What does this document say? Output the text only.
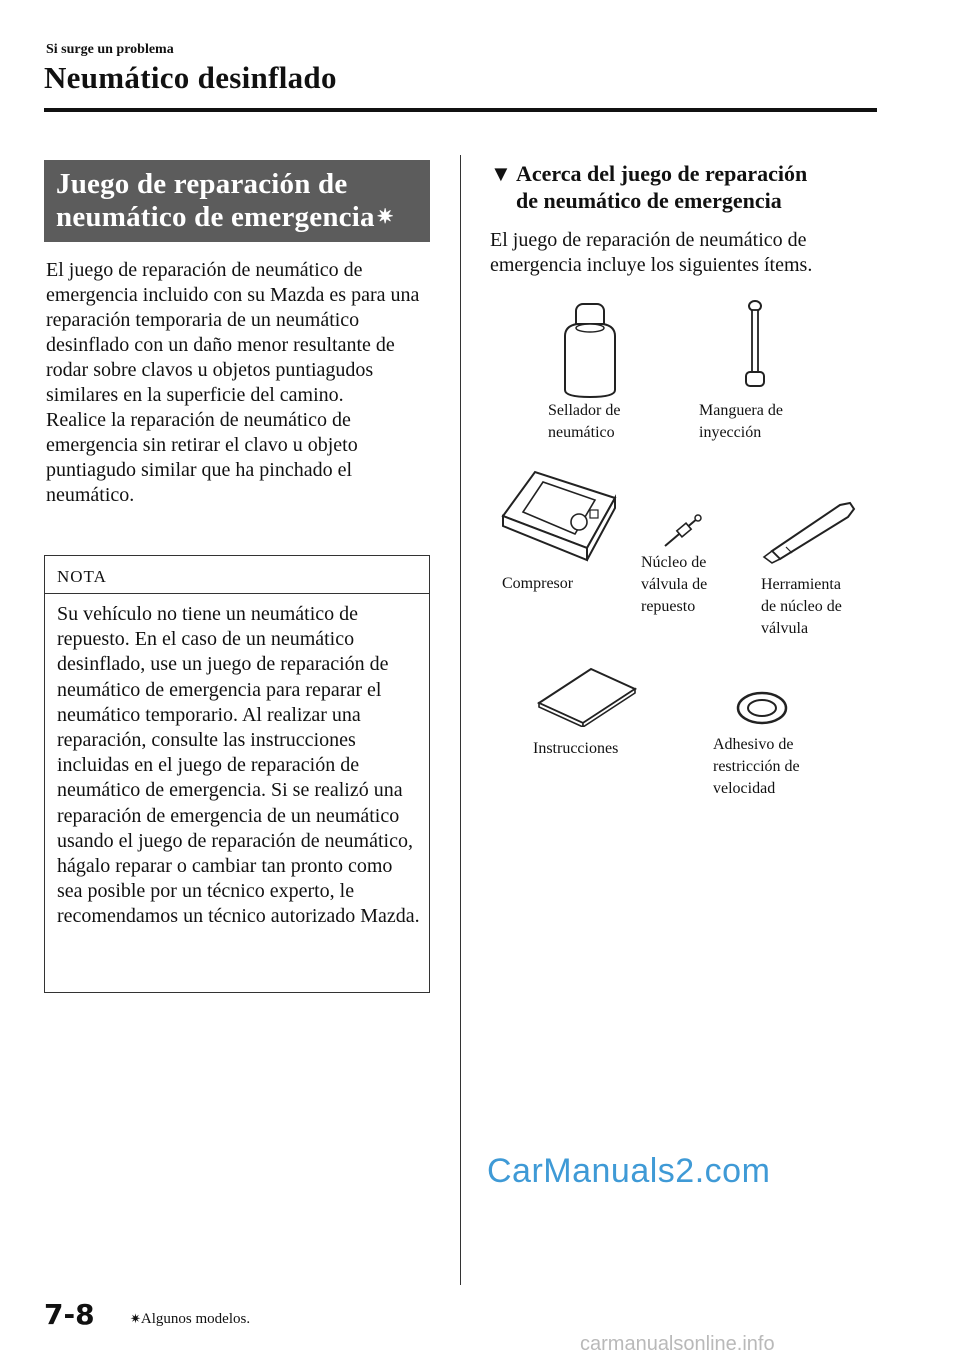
Si surge un problema
Neumático desinflado
Juego de reparación de
neumático de emergencia ✷

El juego de reparación de neumático de emergencia incluido con su Mazda es para una reparación temporaria de un neumático desinflado con un daño menor resultante de rodar sobre clavos u objetos puntiagudos similares en la superficie del camino.

Realice la reparación de neumático de emergencia sin retirar el clavo u objeto puntiagudo similar que ha pinchado el neumático.

NOTA
Su vehículo no tiene un neumático de repuesto. En el caso de un neumático desinflado, use un juego de reparación de neumático de emergencia para reparar el neumático temporario. Al realizar una reparación, consulte las instrucciones incluidas en el juego de reparación de neumático de emergencia. Si se realizó una reparación de emergencia de un neumático usando el juego de reparación de neumático, hágalo reparar o cambiar tan pronto como sea posible por un técnico experto, le recomendamos un técnico autorizado Mazda.
▼ Acerca del juego de reparación
de neumático de emergencia
El juego de reparación de neumático de emergencia incluye los siguientes ítems.
Sellador de
neumático
Manguera de
inyección
Compresor
Núcleo de
válvula de
repuesto
Herramienta
de núcleo de
válvula
Instrucciones	Adhesivo de
restricción de
velocidad
7-8	✷Algunos modelos.
CarManuals2.com
carmanualsonline.info
